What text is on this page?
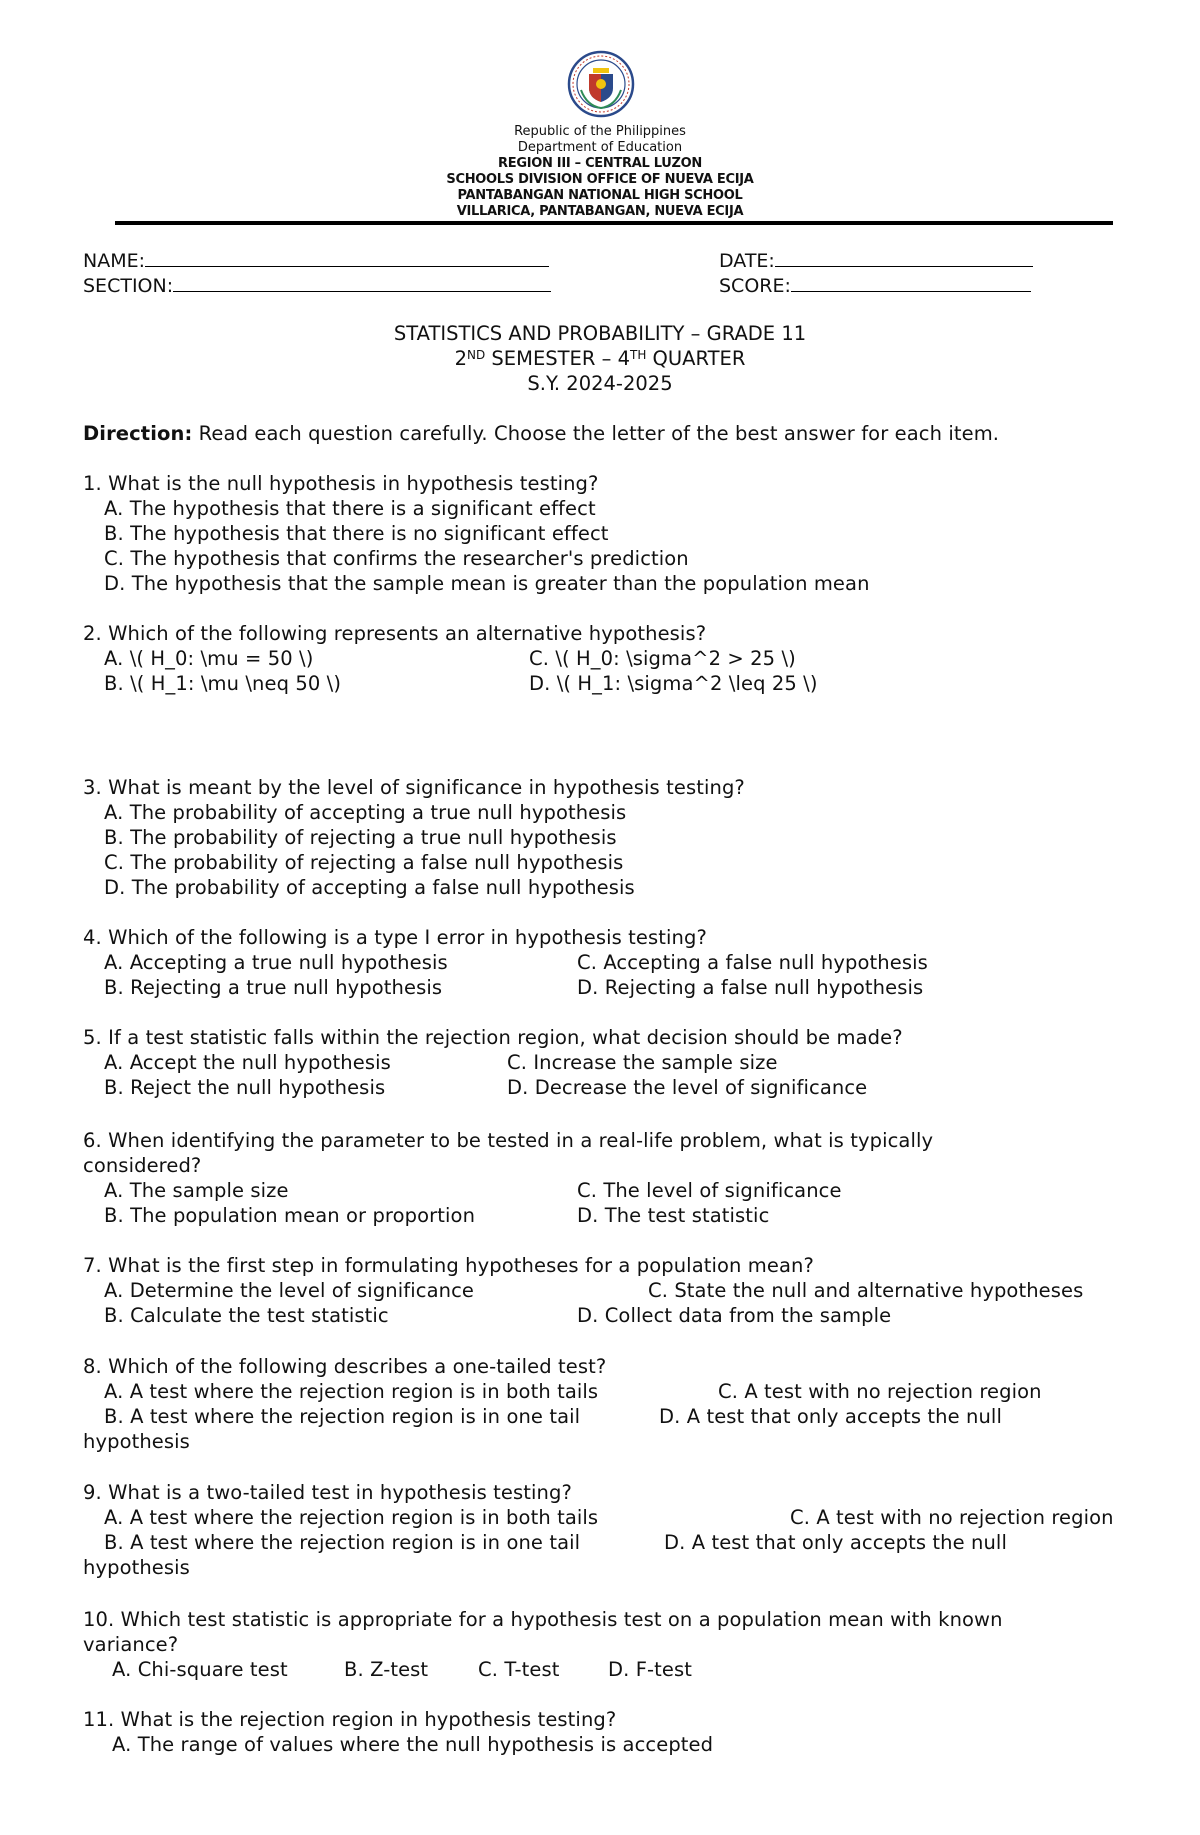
Republic of the Philippines
Department of Education
REGION III – CENTRAL LUZON
SCHOOLS DIVISION OFFICE OF NUEVA ECIJA
PANTABANGAN NATIONAL HIGH SCHOOL
VILLARICA, PANTABANGAN, NUEVA ECIJA
NAME:
SECTION:
DATE:
SCORE:
STATISTICS AND PROBABILITY – GRADE 11
2ND SEMESTER – 4TH QUARTER
S.Y. 2024-2025
Direction: Read each question carefully. Choose the letter of the best answer for each item.
1. What is the null hypothesis in hypothesis testing?
A. The hypothesis that there is a significant effect
B. The hypothesis that there is no significant effect
C. The hypothesis that confirms the researcher's prediction
D. The hypothesis that the sample mean is greater than the population mean
2. Which of the following represents an alternative hypothesis?
A. \( H_0: \mu = 50 \)	C. \( H_0: \sigma^2 > 25 \)
B. \( H_1: \mu \neq 50 \)	D. \( H_1: \sigma^2 \leq 25 \)
3. What is meant by the level of significance in hypothesis testing?
A. The probability of accepting a true null hypothesis
B. The probability of rejecting a true null hypothesis
C. The probability of rejecting a false null hypothesis
D. The probability of accepting a false null hypothesis
4. Which of the following is a type I error in hypothesis testing?
A. Accepting a true null hypothesis	C. Accepting a false null hypothesis
B. Rejecting a true null hypothesis	D. Rejecting a false null hypothesis
5. If a test statistic falls within the rejection region, what decision should be made?
A. Accept the null hypothesis	C. Increase the sample size
B. Reject the null hypothesis	D. Decrease the level of significance
6. When identifying the parameter to be tested in a real-life problem, what is typically
considered?
A. The sample size	C. The level of significance
B. The population mean or proportion	D. The test statistic
7. What is the first step in formulating hypotheses for a population mean?
A. Determine the level of significance	C. State the null and alternative hypotheses
B. Calculate the test statistic	D. Collect data from the sample
8. Which of the following describes a one-tailed test?
A. A test where the rejection region is in both tails	C. A test with no rejection region
B. A test where the rejection region is in one tail	D. A test that only accepts the null
hypothesis
9. What is a two-tailed test in hypothesis testing?
A. A test where the rejection region is in both tails	C. A test with no rejection region
B. A test where the rejection region is in one tail	D. A test that only accepts the null
hypothesis
10. Which test statistic is appropriate for a hypothesis test on a population mean with known
variance?
A. Chi-square test	B. Z-test	C. T-test D. F-test
11. What is the rejection region in hypothesis testing?
A. The range of values where the null hypothesis is accepted
